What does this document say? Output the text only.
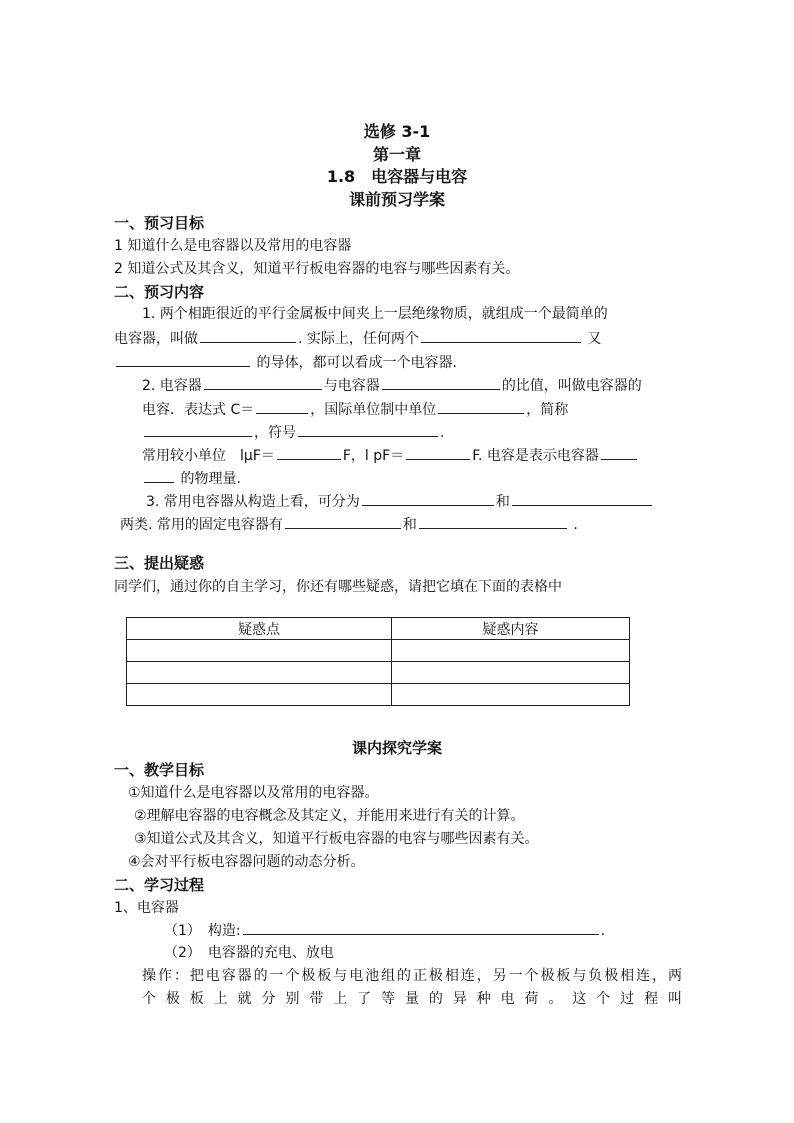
选修 3-1
第一章
1.8　电容器与电容
课前预习学案
一、预习目标
1 知道什么是电容器以及常用的电容器
2 知道公式及其含义，知道平行板电容器的电容与哪些因素有关。
二、预习内容
1. 两个相距很近的平行金属板中间夹上一层绝缘物质，就组成一个最简单的
电容器，叫做	. 实际上，任何两个	又
的导体，都可以看成一个电容器.
2. 电容器	与电容器	的比值，叫做电容器的
电容．表达式 C＝	，国际单位制中单位	，简称
，符号	.
常用较小单位　lμF＝	F，l pF＝	F. 电容是表示电容器
的物理量.
3. 常用电容器从构造上看，可分为	和
两类. 常用的固定电容器有	和	.
三、提出疑惑
同学们，通过你的自主学习，你还有哪些疑惑，请把它填在下面的表格中
疑惑点	疑惑内容

课内探究学案
一、教学目标
①知道什么是电容器以及常用的电容器。
②理解电容器的电容概念及其定义，并能用来进行有关的计算。
③知道公式及其含义，知道平行板电容器的电容与哪些因素有关。
④会对平行板电容器问题的动态分析。
二、学习过程
1、电容器
（1）　构造:	.
（2）　电容器的充电、放电
操作：把电容器的一个极板与电池组的正极相连，另一个极板与负极相连，两
个极板上就分别带上了等量的异种电荷。这个过程叫
